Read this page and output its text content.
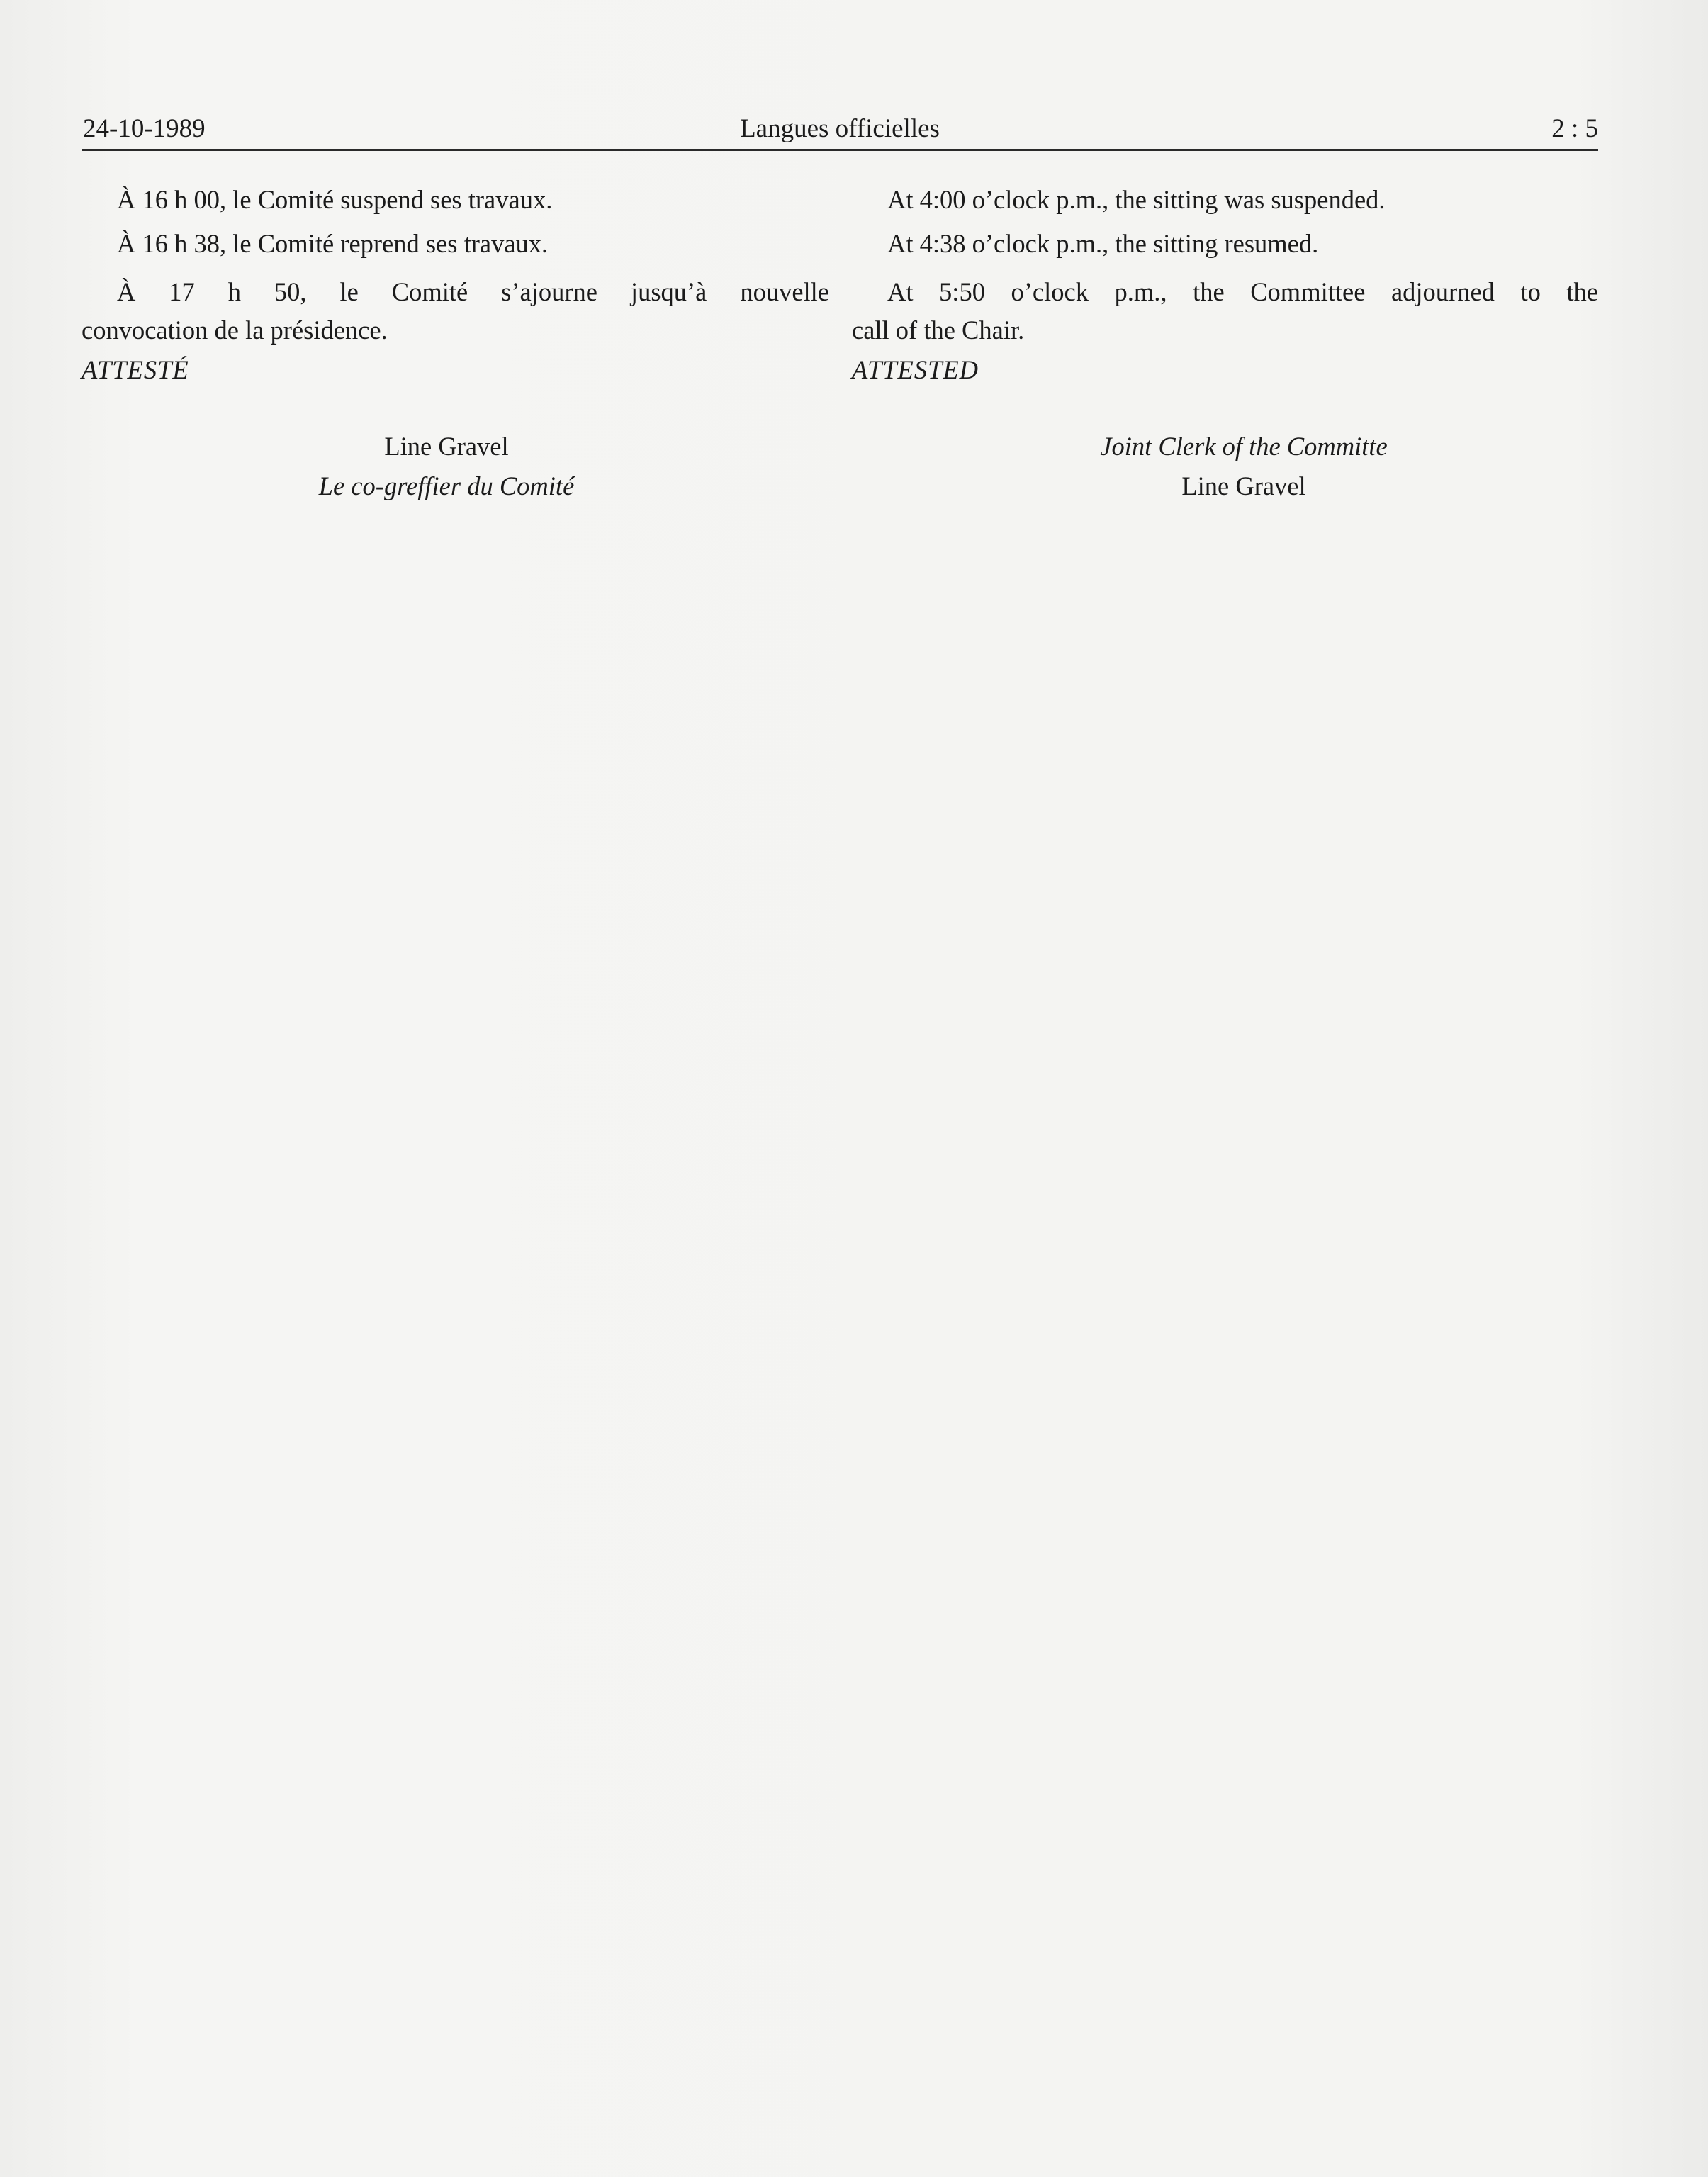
24-10-1989	Langues officielles	2 : 5

À 16 h 00, le Comité suspend ses travaux.

À 16 h 38, le Comité reprend ses travaux.

À 17 h 50, le Comité s’ajourne jusqu’à nouvelle

convocation de la présidence.

ATTESTÉ

At 4:00 o’clock p.m., the sitting was suspended.

At 4:38 o’clock p.m., the sitting resumed.

At 5:50 o’clock p.m., the Committee adjourned to the

call of the Chair.

ATTESTED

Line Gravel
Le co-greffier du Comité
Joint Clerk of the Committe
Line Gravel
